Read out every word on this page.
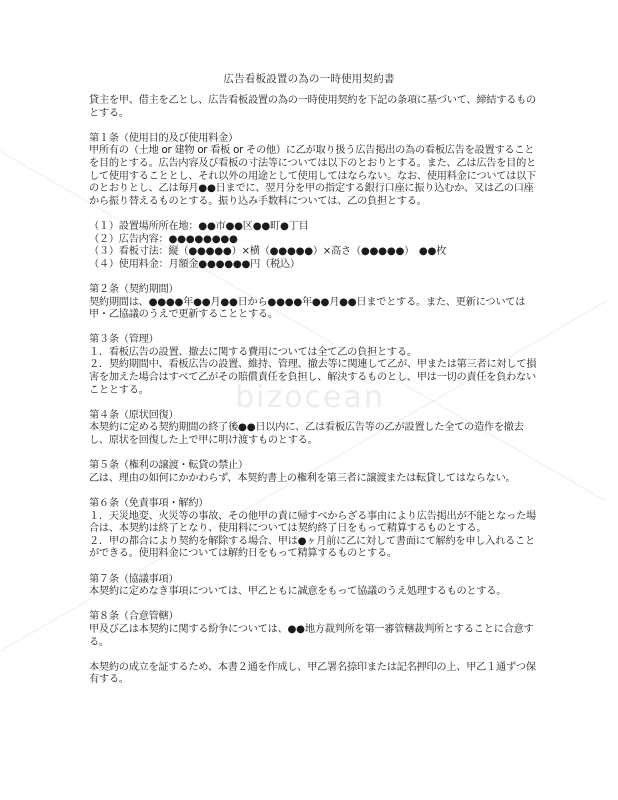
bizocean
広告看板設置の為の一時使用契約書

貸主を甲、借主を乙とし、広告看板設置の為の一時使用契約を下記の条項に基づいて、締結するものとする。

第１条（使用目的及び使用料金）

甲所有の（土地 or 建物 or 看板 or その他）に乙が取り扱う広告掲出の為の看板広告を設置することを目的とする。広告内容及び看板の寸法等については以下のとおりとする。また、乙は広告を目的として使用することとし、それ以外の用途として使用してはならない。なお、使用料金については以下のとおりとし、乙は毎月●●日までに、翌月分を甲の指定する銀行口座に振り込むか、又は乙の口座から振り替えるものとする。振り込み手数料については、乙の負担とする。

（１）設置場所所在地：●●市●●区●●町●丁目

（２）広告内容：●●●●●●●●

（３）看板寸法：縦（●●●●●）×横（●●●●●）×高さ（●●●●●）　●●枚

（４）使用料金：月額金●●●●●●円（税込）

第２条（契約期間）

契約期間は、●●●●年●●月●●日から●●●●年●●月●●日までとする。また、更新については甲・乙協議のうえで更新することとする。

第３条（管理）

１．看板広告の設置、撤去に関する費用については全て乙の負担とする。

２．契約期間中、看板広告の設置、維持、管理、撤去等に関連して乙が、甲または第三者に対して損害を加えた場合はすべて乙がその賠償責任を負担し、解決するものとし、甲は一切の責任を負わないこととする。

第４条（原状回復）

本契約に定める契約期間の終了後●●日以内に、乙は看板広告等の乙が設置した全ての造作を撤去し、原状を回復した上で甲に明け渡すものとする。

第５条（権利の譲渡・転貸の禁止）

乙は、理由の如何にかかわらず、本契約書上の権利を第三者に譲渡または転貸してはならない。

第６条（免責事項・解約）

１．天災地変、火災等の事故、その他甲の責に帰すべからざる事由により広告掲出が不能となった場合は、本契約は終了となり、使用料については契約終了日をもって精算するものとする。

２．甲の都合により契約を解除する場合、甲は●ヶ月前に乙に対して書面にて解約を申し入れることができる。使用料金については解約日をもって精算するものとする。

第７条（協議事項）

本契約に定めなき事項については、甲乙ともに誠意をもって協議のうえ処理するものとする。

第８条（合意管轄）

甲及び乙は本契約に関する紛争については、●●地方裁判所を第一審管轄裁判所とすることに合意する。

本契約の成立を証するため、本書２通を作成し、甲乙署名捺印または記名押印の上、甲乙１通ずつ保有する。
